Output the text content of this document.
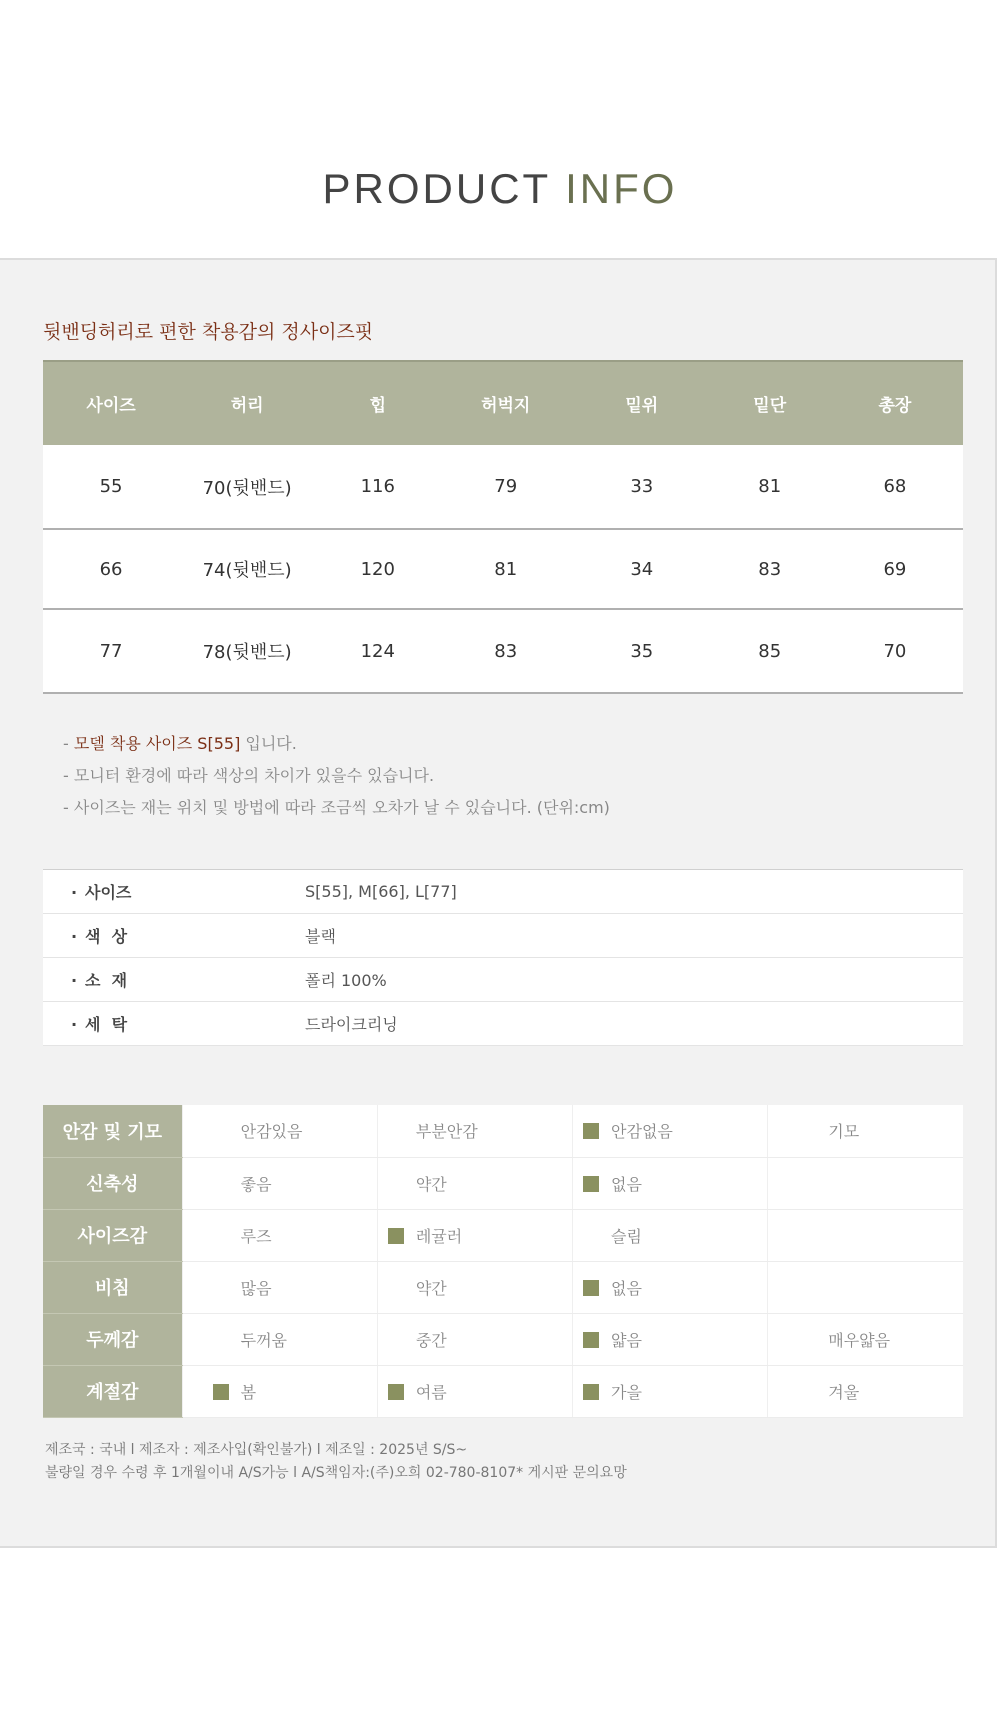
PRODUCT INFO
뒷밴딩허리로 편한 착용감의 정사이즈핏
사이즈	허리	힙	허벅지	밑위	밑단	총장
55	70(뒷밴드)	116	79	33	81	68
66	74(뒷밴드)	120	81	34	83	69
77	78(뒷밴드)	124	83	35	85	70
- 모델 착용 사이즈 S[55] 입니다.
- 모니터 환경에 따라 색상의 차이가 있을수 있습니다.
- 사이즈는 재는 위치 및 방법에 따라 조금씩 오차가 날 수 있습니다. (단위:cm)
· 사이즈	S[55], M[66], L[77]
· 색  상	블랙
· 소  재	폴리 100%
· 세  탁	드라이크리닝
안감 및 기모	안감있음	부분안감	안감없음	기모
신축성	좋음	약간	없음	
사이즈감	루즈	레귤러	슬림	
비침	많음	약간	없음	
두께감	두꺼움	중간	얇음	매우얇음
계절감	봄	여름	가을	겨울
제조국 : 국내 l 제조자 : 제조사입(확인불가) l 제조일 : 2025년 S/S~
불량일 경우 수령 후 1개월이내 A/S가능 l A/S책임자:(주)오희 02-780-8107* 게시판 문의요망
